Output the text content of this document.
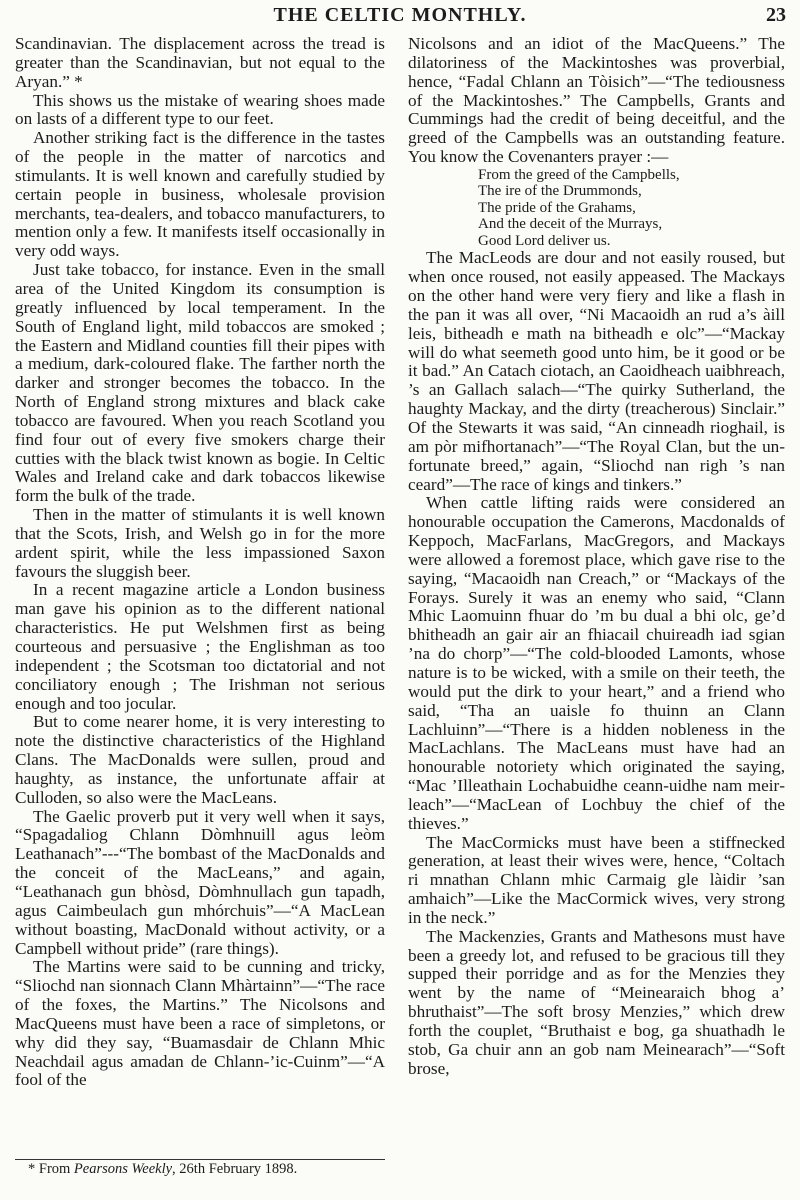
THE CELTIC MONTHLY.	23

Scandinavian. The displacement across the tread is greater than the Scandinavian, but not equal to the Aryan.” *

This shows us the mistake of wearing shoes made on lasts of a different type to our feet.

Another striking fact is the difference in the tastes of the people in the matter of narcotics and stimulants. It is well known and carefully studied by certain people in business, wholesale provision merchants, tea-dealers, and tobacco manufacturers, to mention only a few. It manifests itself occasionally in very odd ways.

Just take tobacco, for instance. Even in the small area of the United Kingdom its consumption is greatly influenced by local temperament. In the South of England light, mild tobaccos are smoked ; the Eastern and Midland counties fill their pipes with a medium, dark-coloured flake. The farther north the darker and stronger becomes the tobacco. In the North of England strong mixtures and black cake tobacco are favoured. When you reach Scotland you find four out of every five smokers charge their cutties with the black twist known as bogie. In Celtic Wales and Ireland cake and dark tobaccos likewise form the bulk of the trade.

Then in the matter of stimulants it is well known that the Scots, Irish, and Welsh go in for the more ardent spirit, while the less impassioned Saxon favours the sluggish beer.

In a recent magazine article a London business man gave his opinion as to the different national characteristics. He put Welshmen first as being courteous and persuasive ; the Englishman as too independent ; the Scotsman too dictatorial and not conciliatory enough ; The Irishman not serious enough and too jocular.

But to come nearer home, it is very interesting to note the distinctive characteristics of the Highland Clans. The MacDonalds were sullen, proud and haughty, as instance, the unfortunate affair at Culloden, so also were the MacLeans.

The Gaelic proverb put it very well when it says, “Spagadaliog Chlann Dòmhnuill agus leòm Leathanach”---“The bombast of the MacDonalds and the conceit of the MacLeans,” and again, “Leathanach gun bhòsd, Dòmhnullach gun tapadh, agus Caimbeulach gun mhórchuis”—“A MacLean without boasting, MacDonald without activity, or a Campbell without pride” (rare things).

The Martins were said to be cunning and tricky, “Sliochd nan sionnach Clann Mhàrtainn”—“The race of the foxes, the Martins.” The Nicolsons and MacQueens must have been a race of simpletons, or why did they say, “Buamasdair de Chlann Mhic Neachdail agus amadan de Chlann-’ic-Cuinm”—“A fool of the

Nicolsons and an idiot of the MacQueens.” The dilatoriness of the Mackintoshes was proverbial, hence, “Fadal Chlann an Tòisich”—“The tediousness of the Mackintoshes.” The Campbells, Grants and Cummings had the credit of being deceitful, and the greed of the Campbells was an outstanding feature. You know the Covenanters prayer :—

From the greed of the Campbells,
The ire of the Drummonds,
The pride of the Grahams,
And the deceit of the Murrays,
Good Lord deliver us.

The MacLeods are dour and not easily roused, but when once roused, not easily appeased. The Mackays on the other hand were very fiery and like a flash in the pan it was all over, “Ni Macaoidh an rud a’s àill leis, bitheadh e math na bitheadh e olc”—“Mackay will do what seemeth good unto him, be it good or be it bad.” An Catach ciotach, an Caoidheach uaibhreach, ’s an Gallach salach—“The quirky Sutherland, the haughty Mackay, and the dirty (treacherous) Sinclair.” Of the Stewarts it was said, “An cinneadh rioghail, is am pòr mifhortanach”—“The Royal Clan, but the unfortunate breed,” again, “Sliochd nan righ ’s nan ceard”—The race of kings and tinkers.”

When cattle lifting raids were considered an honourable occupation the Camerons, Macdonalds of Keppoch, MacFarlans, MacGregors, and Mackays were allowed a foremost place, which gave rise to the saying, “Macaoidh nan Creach,” or “Mackays of the Forays. Surely it was an enemy who said, “Clann Mhic Laomuinn fhuar do ’m bu dual a bhi olc, ge’d bhitheadh an gair air an fhiacail chuireadh iad sgian ’na do chorp”—“The cold-blooded Lamonts, whose nature is to be wicked, with a smile on their teeth, the would put the dirk to your heart,” and a friend who said, “Tha an uaisle fo thuinn an Clann Lachluinn”—“There is a hidden nobleness in the MacLachlans. The MacLeans must have had an honourable notoriety which originated the saying, “Mac ’Illeathain Lochabuidhe ceann-uidhe nam meirleach”—“MacLean of Lochbuy the chief of the thieves.”

The MacCormicks must have been a stiffnecked generation, at least their wives were, hence, “Coltach ri mnathan Chlann mhic Carmaig gle làidir ’san amhaich”—Like the MacCormick wives, very strong in the neck.”

The Mackenzies, Grants and Mathesons must have been a greedy lot, and refused to be gracious till they supped their porridge and as for the Menzies they went by the name of “Meinearaich bhog a’ bhruthaist”—The soft brosy Menzies,” which drew forth the couplet, “Bruthaist e bog, ga shuathadh le stob, Ga chuir ann an gob nam Meinearach”—“Soft brose,

* From Pearsons Weekly, 26th February 1898.
